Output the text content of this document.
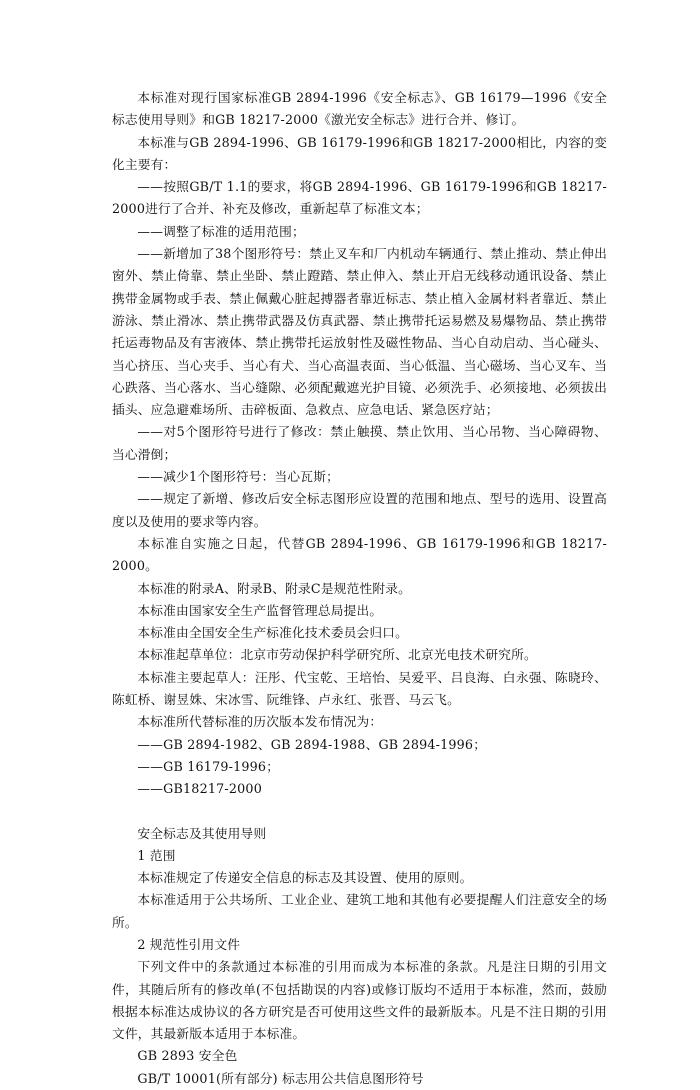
本标准对现行国家标准GB 2894-1996《安全标志》、GB 16179—1996《安全标志使用导则》和GB 18217-2000《激光安全标志》进行合并、修订。

本标准与GB 2894-1996、GB 16179-1996和GB 18217-2000相比，内容的变化主要有：

——按照GB/T 1.1的要求，将GB 2894-1996、GB 16179-1996和GB 18217-2000进行了合并、补充及修改，重新起草了标准文本；

——调整了标准的适用范围；

——新增加了38个图形符号：禁止叉车和厂内机动车辆通行、禁止推动、禁止伸出窗外、禁止倚靠、禁止坐卧、禁止蹬踏、禁止伸入、禁止开启无线移动通讯设备、禁止携带金属物或手表、禁止佩戴心脏起搏器者靠近标志、禁止植入金属材料者靠近、禁止游泳、禁止滑冰、禁止携带武器及仿真武器、禁止携带托运易燃及易爆物品、禁止携带托运毒物品及有害液体、禁止携带托运放射性及磁性物品、当心自动启动、当心碰头、当心挤压、当心夹手、当心有犬、当心高温表面、当心低温、当心磁场、当心叉车、当心跌落、当心落水、当心缝隙、必须配戴遮光护目镜、必须洗手、必须接地、必须拔出插头、应急避难场所、击碎板面、急救点、应急电话、紧急医疗站；

——对5个图形符号进行了修改：禁止触摸、禁止饮用、当心吊物、当心障碍物、当心滑倒；

——减少1个图形符号：当心瓦斯；

——规定了新增、修改后安全标志图形应设置的范围和地点、型号的选用、设置高度以及使用的要求等内容。

本标准自实施之日起，代替GB 2894-1996、GB 16179-1996和GB 18217-2000。

本标准的附录A、附录B、附录C是规范性附录。

本标准由国家安全生产监督管理总局提出。

本标准由全国安全生产标准化技术委员会归口。

本标准起草单位：北京市劳动保护科学研究所、北京光电技术研究所。

本标准主要起草人：汪彤、代宝乾、王培怡、吴爱平、吕良海、白永强、陈晓玲、陈虹桥、谢昱姝、宋冰雪、阮维锋、卢永红、张晋、马云飞。

本标准所代替标准的历次版本发布情况为：

——GB 2894-1982、GB 2894-1988、GB 2894-1996；

——GB 16179-1996；

——GB18217-2000

安全标志及其使用导则

1 范围

本标准规定了传递安全信息的标志及其设置、使用的原则。

本标准适用于公共场所、工业企业、建筑工地和其他有必要提醒人们注意安全的场所。

2 规范性引用文件

下列文件中的条款通过本标准的引用而成为本标准的条款。凡是注日期的引用文件，其随后所有的修改单(不包括勘误的内容)或修订版均不适用于本标准，然而，鼓励根据本标准达成协议的各方研究是否可使用这些文件的最新版本。凡是不注日期的引用文件，其最新版本适用于本标准。

GB 2893 安全色

GB/T 10001(所有部分) 标志用公共信息图形符号
